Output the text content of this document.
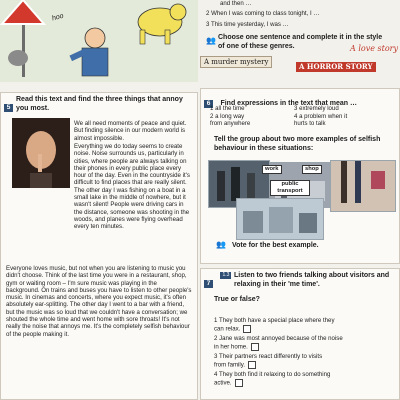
hoo
and then …
2 When I was coming to class tonight, I …
3 This time yesterday, I was …
👥 Choose one sentence and complete it in the style of one of these genres.
A murder mystery	A HORROR STORY
A love story
5
Read this text and find the three things that annoy you most.
We all need moments of peace and quiet. But finding silence in our modern world is almost impossible.
Everything we do today seems to create noise. Noise surrounds us, particularly in cities, where people are always talking on their phones in every public place every hour of the day. Even in the countryside it's difficult to find places that are really silent. The other day I was fishing on a boat in a small lake in the middle of nowhere, but it wasn't silent! People were driving cars in the distance, someone was shooting in the woods, and planes were flying overhead every ten minutes.
Everyone loves music, but not when you are listening to music you didn't choose. Think of the last time you were in a restaurant, shop, gym or waiting room – I'm sure music was playing in the background. On trains and buses you have to listen to other people's music. In cinemas and concerts, where you expect music, it's often absolutely ear-splitting. The other day I went to a bar with a friend, but the music was so loud that we couldn't have a conversation; we shouted the whole time and went home with sore throats! It's not really the noise that annoys me. It's the completely selfish behaviour of the people making it.
6 Find expressions in the text that mean …
1 all the time
2 a long way
from anywhere
3 extremely loud
4 a problem when it
hurts to talk
Tell the group about two more examples of selfish behaviour in these situations:
work	shop
public transport
👥 Vote for the best example.
7 1.3 Listen to two friends talking about visitors and relaxing in their 'me time'.
True or false?

1 They both have a special place where they
can relax.

2 Jane was most annoyed because of the noise
in her home.

3 Their partners react differently to visits
from family.

4 They both find it relaxing to do something
active.
